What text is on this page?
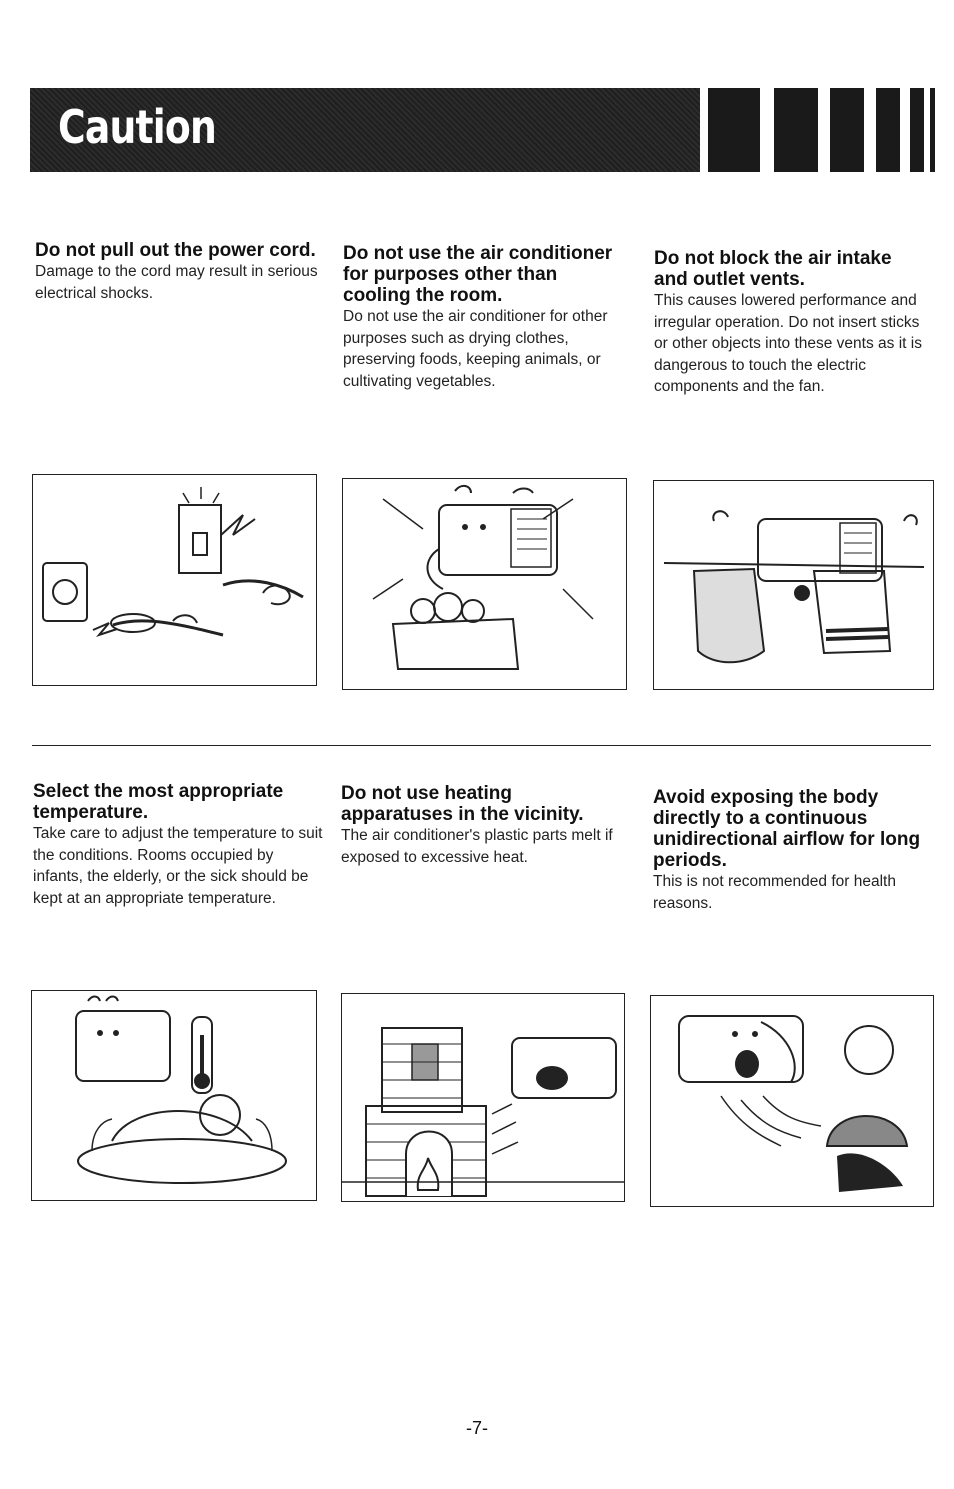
Caution
Do not pull out the power cord.

Damage to the cord may result in serious electrical shocks.

Do not use the air conditioner for purposes other than cooling the room.

Do not use the air conditioner for other purposes such as drying clothes, preserving foods, keeping animals, or cultivating vegetables.

Do not block the air intake and outlet vents.

This causes lowered performance and irregular operation. Do not insert sticks or other objects into these vents as it is dangerous to touch the electric components and the fan.

Select the most appropriate temperature.

Take care to adjust the temperature to suit the conditions. Rooms occupied by infants, the elderly, or the sick should be kept at an appropriate temperature.

Do not use heating apparatuses in the vicinity.

The air conditioner's plastic parts melt if exposed to excessive heat.

Avoid exposing the body directly to a continuous unidirectional airflow for long periods.

This is not recommended for health reasons.

-7-
